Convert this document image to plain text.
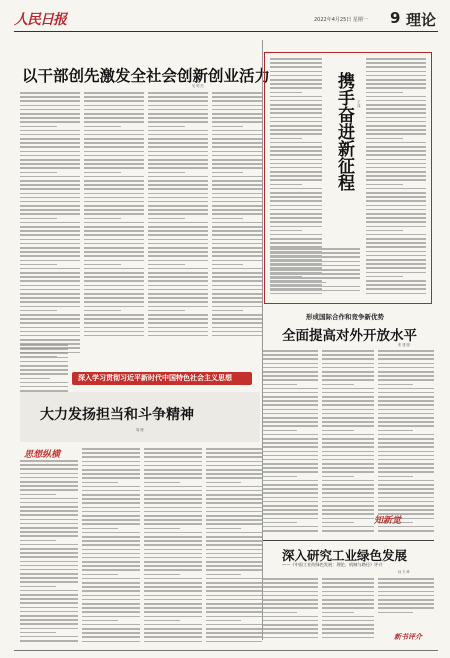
人民日报	2022年4月25日 星期一 9 理论
以干部创先激发全社会创新创业活力
吴 明 杰	携手奋进新征程 王 成
形成国际合作和竞争新优势
全面提高对外开放水平
张 建 刚
深入学习贯彻习近平新时代中国特色社会主义思想
大力发扬担当和斗争精神
周 理
思想纵横
知新觉
深入研究工业绿色发展
——《中国工业的绿色发展：理论、机制与路径》评介
孙 天 琦
新书评介
